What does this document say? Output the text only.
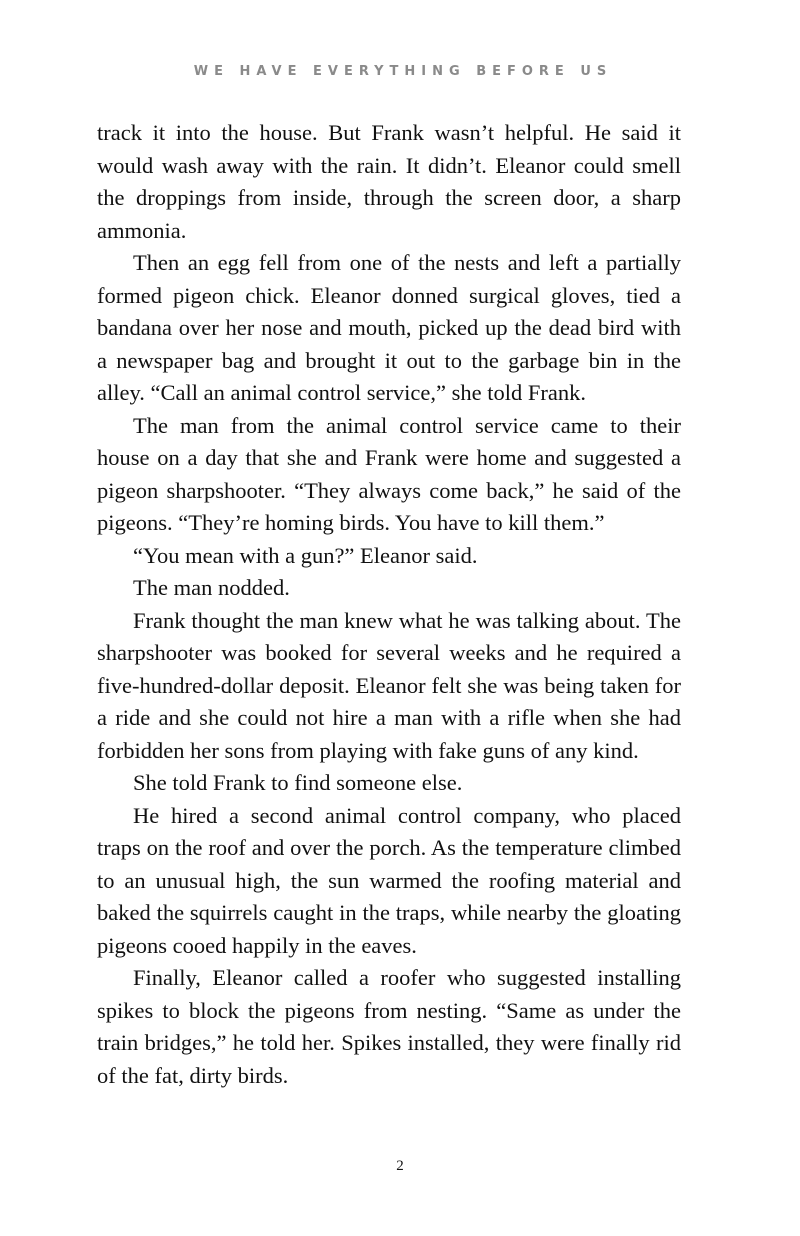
WE HAVE EVERYTHING BEFORE US

track it into the house. But Frank wasn’t helpful. He said it would wash away with the rain. It didn’t. Eleanor could smell the droppings from inside, through the screen door, a sharp ammonia.

Then an egg fell from one of the nests and left a partially formed pigeon chick. Eleanor donned surgical gloves, tied a bandana over her nose and mouth, picked up the dead bird with a newspaper bag and brought it out to the garbage bin in the alley. “Call an animal control service,” she told Frank.

The man from the animal control service came to their house on a day that she and Frank were home and suggested a pigeon sharpshooter. “They always come back,” he said of the pigeons. “They’re homing birds. You have to kill them.”

“You mean with a gun?” Eleanor said.

The man nodded.

Frank thought the man knew what he was talking about. The sharpshooter was booked for several weeks and he required a five-hundred-dollar deposit. Eleanor felt she was being taken for a ride and she could not hire a man with a rifle when she had forbidden her sons from playing with fake guns of any kind.

She told Frank to find someone else.

He hired a second animal control company, who placed traps on the roof and over the porch. As the temperature climbed to an unusual high, the sun warmed the roofing material and baked the squirrels caught in the traps, while nearby the gloating pigeons cooed happily in the eaves.

Finally, Eleanor called a roofer who suggested installing spikes to block the pigeons from nesting. “Same as under the train bridges,” he told her. Spikes installed, they were finally rid of the fat, dirty birds.

2
